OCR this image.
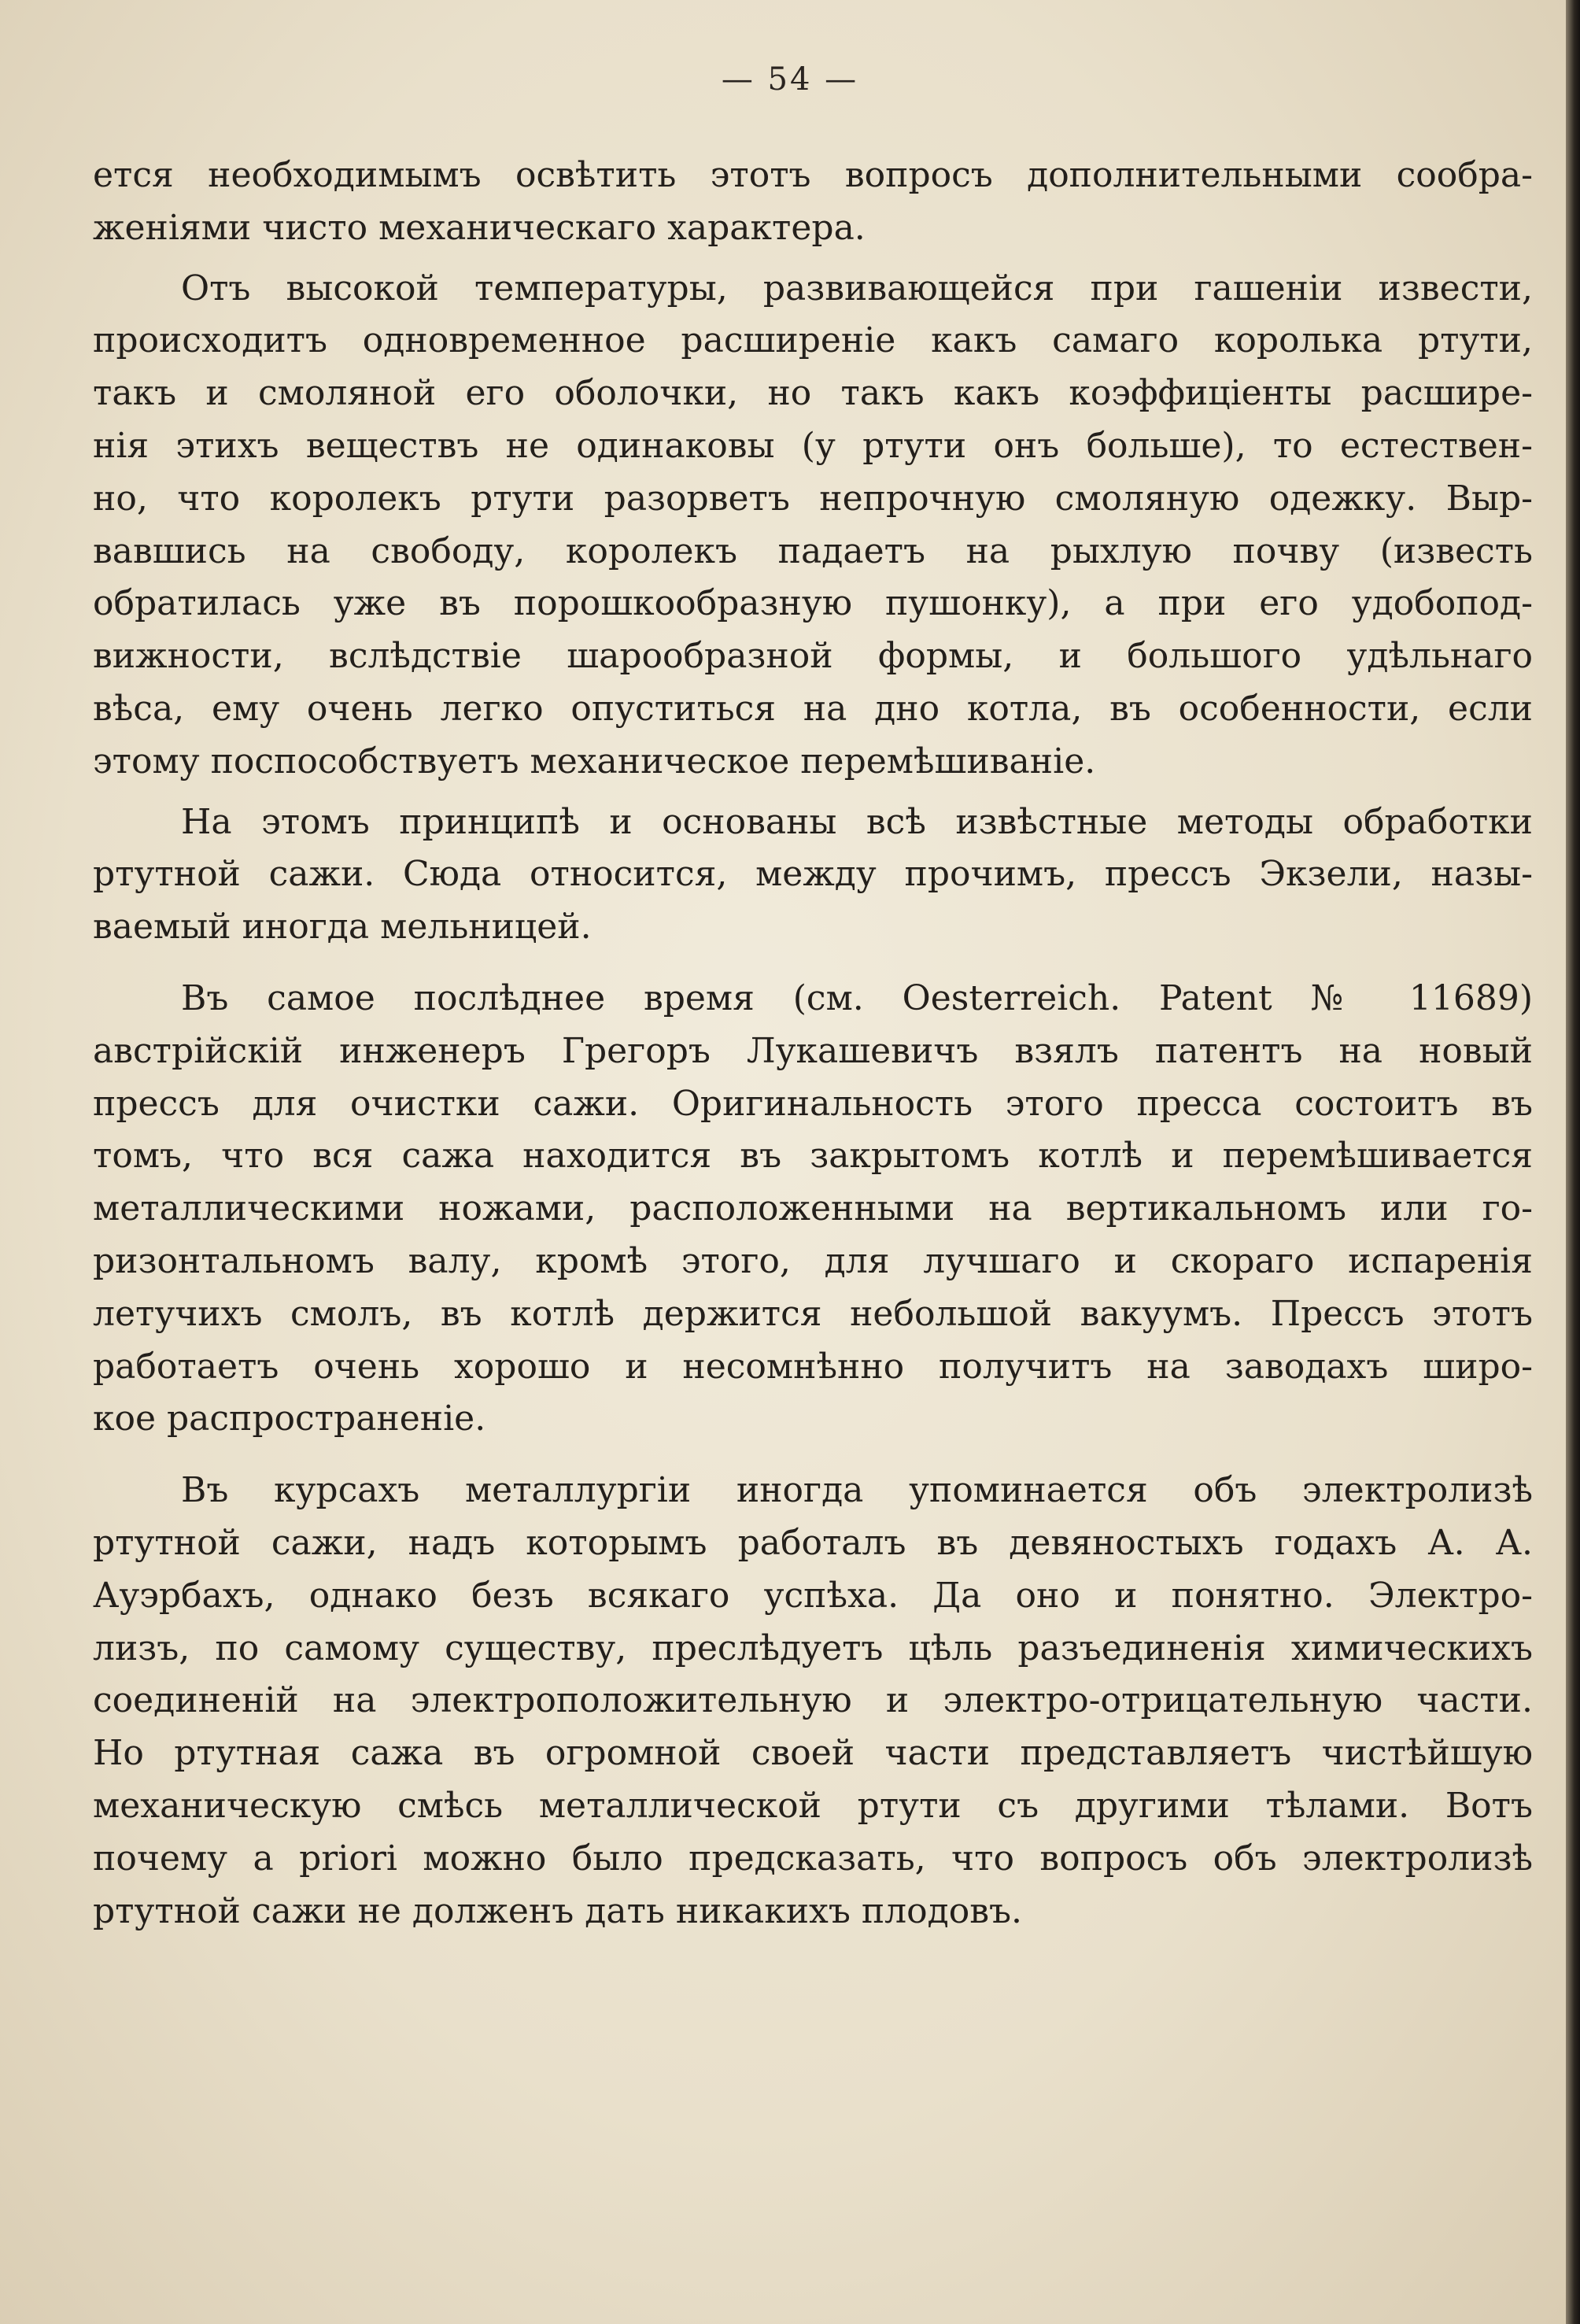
— 54 —
ется необходимымъ освѣтить этотъ вопросъ дополнительными сообра-
женіями чисто механическаго характера.
Отъ высокой температуры, развивающейся при гашеніи извести,
происходитъ одновременное расширеніе какъ самаго королька ртути,
такъ и смоляной его оболочки, но такъ какъ коэффиціенты расшире-
нія этихъ веществъ не одинаковы (у ртути онъ больше), то естествен-
но, что королекъ ртути разорветъ непрочную смоляную одежку. Выр-
вавшись на свободу, королекъ падаетъ на рыхлую почву (известь
обратилась уже въ порошкообразную пушонку), а при его удобопод-
вижности, вслѣдствіе шарообразной формы, и большого удѣльнаго
вѣса, ему очень легко опуститься на дно котла, въ особенности, если
этому поспособствуетъ механическое перемѣшиваніе.
На этомъ принципѣ и основаны всѣ извѣстные методы обработки
ртутной сажи. Сюда относится, между прочимъ, прессъ Экзели, назы-
ваемый иногда мельницей.
Въ самое послѣднее время (см. Oesterreich. Patent № 11689)
австрійскій инженеръ Грегоръ Лукашевичъ взялъ патентъ на новый
прессъ для очистки сажи. Оригинальность этого пресса состоитъ въ
томъ, что вся сажа находится въ закрытомъ котлѣ и перемѣшивается
металлическими ножами, расположенными на вертикальномъ или го-
ризонтальномъ валу, кромѣ этого, для лучшаго и скораго испаренія
летучихъ смолъ, въ котлѣ держится небольшой вакуумъ. Прессъ этотъ
работаетъ очень хорошо и несомнѣнно получитъ на заводахъ широ-
кое распространеніе.
Въ курсахъ металлургіи иногда упоминается объ электролизѣ
ртутной сажи, надъ которымъ работалъ въ девяностыхъ годахъ А. А.
Ауэрбахъ, однако безъ всякаго успѣха. Да оно и понятно. Электро-
лизъ, по самому существу, преслѣдуетъ цѣль разъединенія химическихъ
соединеній на электроположительную и электро-отрицательную части.
Но ртутная сажа въ огромной своей части представляетъ чистѣйшую
механическую смѣсь металлической ртути съ другими тѣлами. Вотъ
почему a priori можно было предсказать, что вопросъ объ электролизѣ
ртутной сажи не долженъ дать никакихъ плодовъ.
